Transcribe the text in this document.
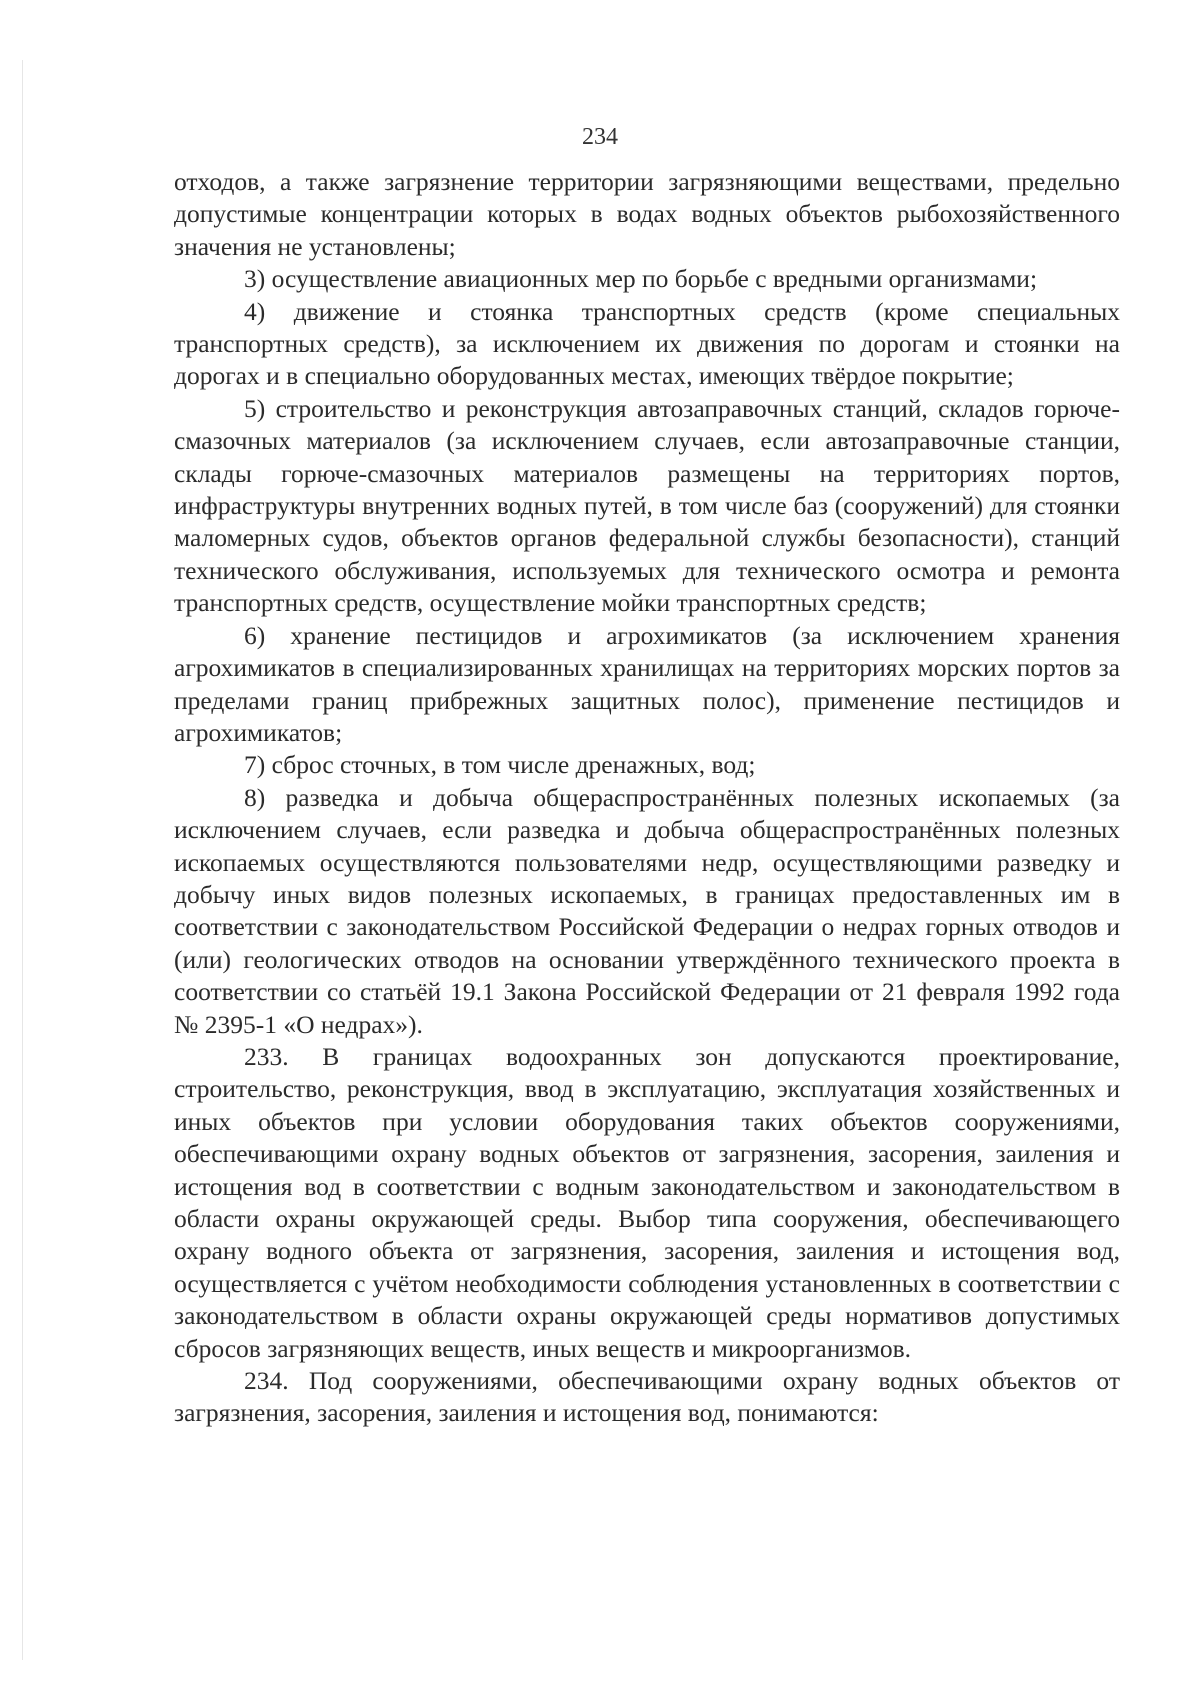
234

отходов, а также загрязнение территории загрязняющими веществами, предельно допустимые концентрации которых в водах водных объектов рыбохозяйственного значения не установлены;

3) осуществление авиационных мер по борьбе с вредными организмами;

4) движение и стоянка транспортных средств (кроме специальных транспортных средств), за исключением их движения по дорогам и стоянки на дорогах и в специально оборудованных местах, имеющих твёрдое покрытие;

5) строительство и реконструкция автозаправочных станций, складов горюче-смазочных материалов (за исключением случаев, если автозаправочные станции, склады горюче-смазочных материалов размещены на территориях портов, инфраструктуры внутренних водных путей, в том числе баз (сооружений) для стоянки маломерных судов, объектов органов федеральной службы безопасности), станций технического обслуживания, используемых для технического осмотра и ремонта транспортных средств, осуществление мойки транспортных средств;

6) хранение пестицидов и агрохимикатов (за исключением хранения агрохимикатов в специализированных хранилищах на территориях морских портов за пределами границ прибрежных защитных полос), применение пестицидов и агрохимикатов;

7) сброс сточных, в том числе дренажных, вод;

8) разведка и добыча общераспространённых полезных ископаемых (за исключением случаев, если разведка и добыча общераспространённых полезных ископаемых осуществляются пользователями недр, осуществляющими разведку и добычу иных видов полезных ископаемых, в границах предоставленных им в соответствии с законодательством Российской Федерации о недрах горных отводов и (или) геологических отводов на основании утверждённого технического проекта в соответствии со статьёй 19.1 Закона Российской Федерации от 21 февраля 1992 года № 2395-1 «О недрах»).

233. В границах водоохранных зон допускаются проектирование, строительство, реконструкция, ввод в эксплуатацию, эксплуатация хозяйственных и иных объектов при условии оборудования таких объектов сооружениями, обеспечивающими охрану водных объектов от загрязнения, засорения, заиления и истощения вод в соответствии с водным законодательством и законодательством в области охраны окружающей среды. Выбор типа сооружения, обеспечивающего охрану водного объекта от загрязнения, засорения, заиления и истощения вод, осуществляется с учётом необходимости соблюдения установленных в соответствии с законодательством в области охраны окружающей среды нормативов допустимых сбросов загрязняющих веществ, иных веществ и микроорганизмов.

234. Под сооружениями, обеспечивающими охрану водных объектов от загрязнения, засорения, заиления и истощения вод, понимаются:
